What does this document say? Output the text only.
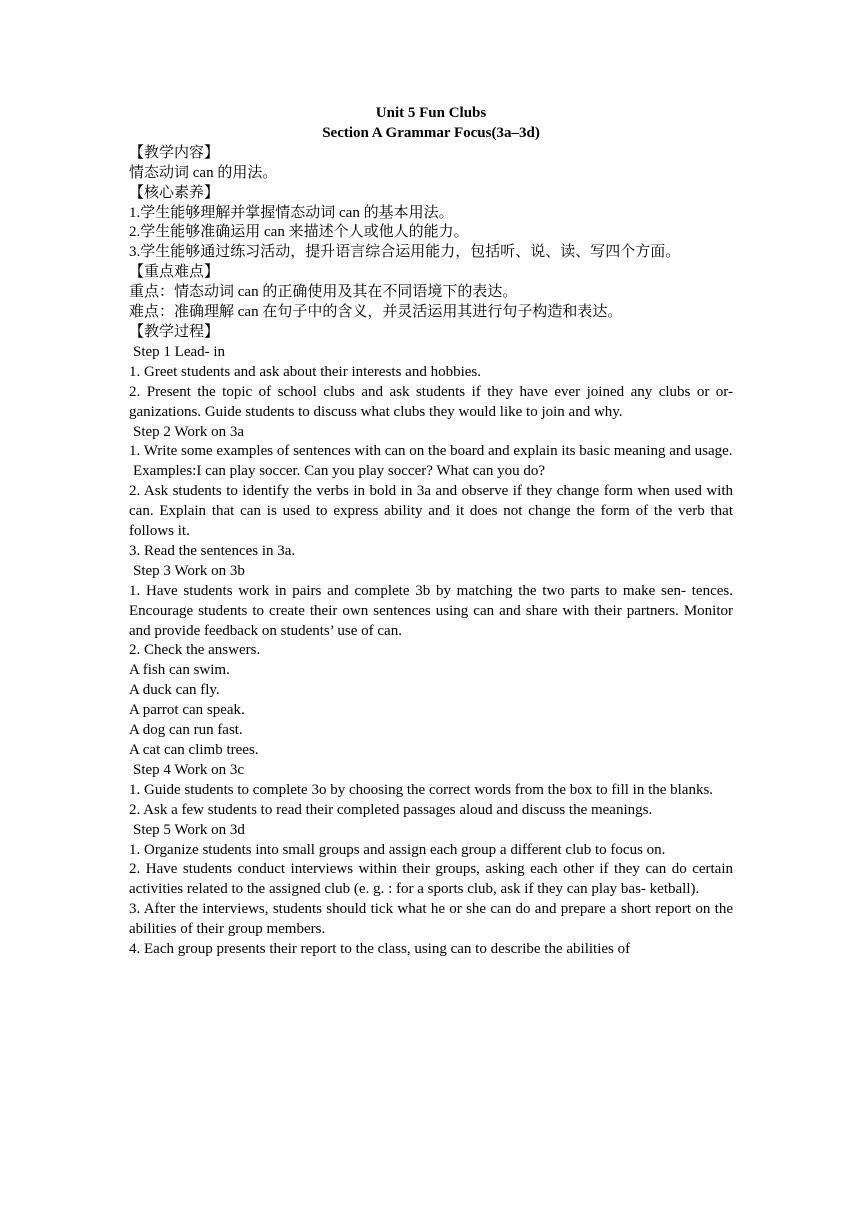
Unit 5 Fun Clubs
Section A Grammar Focus(3a–3d)
【教学内容】
情态动词 can 的用法。
【核心素养】
1.学生能够理解并掌握情态动词 can 的基本用法。
2.学生能够准确运用 can 来描述个人或他人的能力。
3.学生能够通过练习活动，提升语言综合运用能力，包括听、说、读、写四个方面。
【重点难点】
重点：情态动词 can 的正确使用及其在不同语境下的表达。
难点：准确理解 can 在句子中的含义，并灵活运用其进行句子构造和表达。
【教学过程】
Step 1 Lead- in
1. Greet students and ask about their interests and hobbies.
2. Present the topic of school clubs and ask students if they have ever joined any clubs or or- ganizations. Guide students to discuss what clubs they would like to join and why.
Step 2 Work on 3a
1. Write some examples of sentences with can on the board and explain its basic meaning and usage.
Examples:I can play soccer. Can you play soccer? What can you do?
2. Ask students to identify the verbs in bold in 3a and observe if they change form when used with can. Explain that can is used to express ability and it does not change the form of the verb that follows it.
3. Read the sentences in 3a.
Step 3 Work on 3b
1. Have students work in pairs and complete 3b by matching the two parts to make sen- tences. Encourage students to create their own sentences using can and share with their partners. Monitor and provide feedback on students’ use of can.
2. Check the answers.
A fish can swim.
A duck can fly.
A parrot can speak.
A dog can run fast.
A cat can climb trees.
Step 4 Work on 3c
1. Guide students to complete 3o by choosing the correct words from the box to fill in the blanks.
2. Ask a few students to read their completed passages aloud and discuss the meanings.
Step 5 Work on 3d
1. Organize students into small groups and assign each group a different club to focus on.
2. Have students conduct interviews within their groups, asking each other if they can do certain activities related to the assigned club (e. g. : for a sports club, ask if they can play bas- ketball).
3. After the interviews, students should tick what he or she can do and prepare a short report on the abilities of their group members.
4. Each group presents their report to the class, using can to describe the abilities of
